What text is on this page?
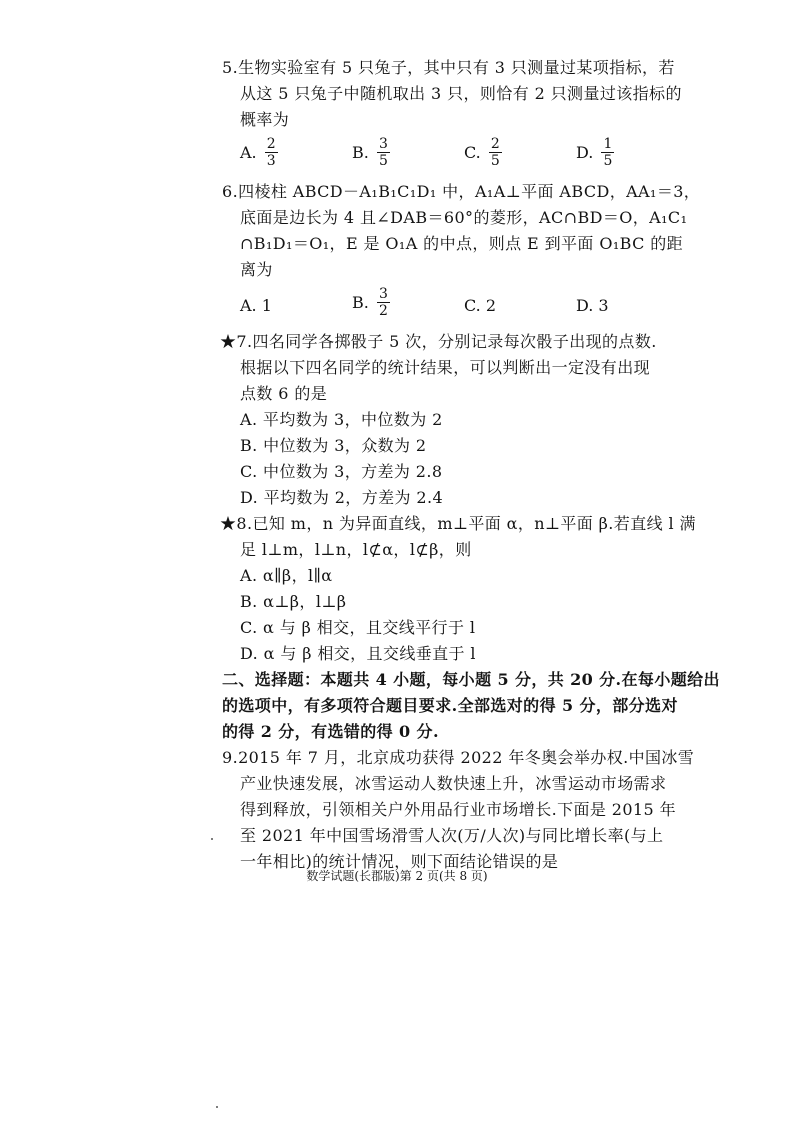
5.生物实验室有 5 只兔子，其中只有 3 只测量过某项指标，若
从这 5 只兔子中随机取出 3 只，则恰有 2 只测量过该指标的
概率为
A. $\frac{2}{3}$	B. $\frac{3}{5}$	C. $\frac{2}{5}$	D. $\frac{1}{5}$
6.四棱柱 ABCD－A₁B₁C₁D₁ 中，A₁A⊥平面 ABCD，AA₁＝3，
底面是边长为 4 且∠DAB＝60°的菱形，AC∩BD＝O，A₁C₁
∩B₁D₁＝O₁，E 是 O₁A 的中点，则点 E 到平面 O₁BC 的距
离为
A. 1	B. $\frac{3}{2}$	C. 2	D. 3
★7.四名同学各掷骰子 5 次，分别记录每次骰子出现的点数.
根据以下四名同学的统计结果，可以判断出一定没有出现
点数 6 的是
A. 平均数为 3，中位数为 2
B. 中位数为 3，众数为 2
C. 中位数为 3，方差为 2.8
D. 平均数为 2，方差为 2.4
★8.已知 m，n 为异面直线，m⊥平面 α，n⊥平面 β.若直线 l 满
足 l⊥m，l⊥n，l⊄α，l⊄β，则
A. α∥β，l∥α
B. α⊥β，l⊥β
C. α 与 β 相交，且交线平行于 l
D. α 与 β 相交，且交线垂直于 l
二、选择题：本题共 4 小题，每小题 5 分，共 20 分.在每小题给出
的选项中，有多项符合题目要求.全部选对的得 5 分，部分选对
的得 2 分，有选错的得 0 分.
9.2015 年 7 月，北京成功获得 2022 年冬奥会举办权.中国冰雪
产业快速发展，冰雪运动人数快速上升，冰雪运动市场需求
得到释放，引领相关户外用品行业市场增长.下面是 2015 年
至 2021 年中国雪场滑雪人次(万/人次)与同比增长率(与上
一年相比)的统计情况，则下面结论错误的是
数学试题(长郡版)第 2 页(共 8 页)
